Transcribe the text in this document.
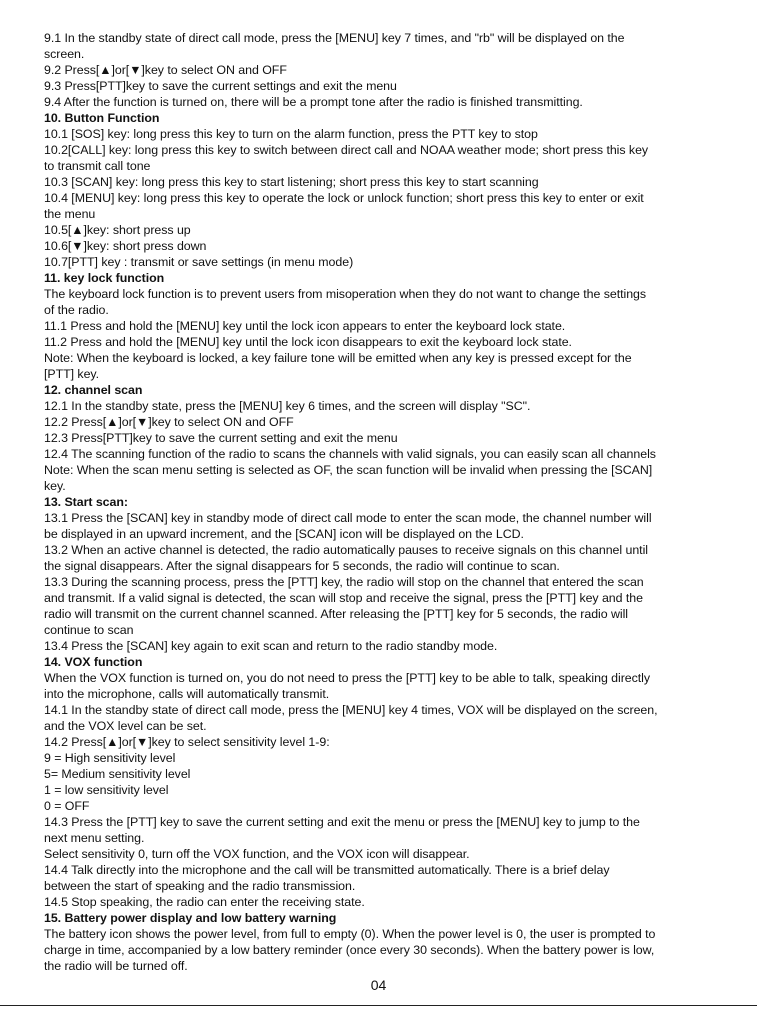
9.1 In the standby state of direct call mode, press the [MENU] key 7 times, and "rb" will be displayed on the
screen.
9.2 Press[▲]or[▼]key to select ON and OFF
9.3 Press[PTT]key to save the current settings and exit the menu
9.4 After the function is turned on, there will be a prompt tone after the radio is finished transmitting.
10. Button Function
10.1 [SOS] key: long press this key to turn on the alarm function, press the PTT key to stop
10.2[CALL] key: long press this key to switch between direct call and NOAA weather mode; short press this key
to transmit call tone
10.3 [SCAN] key: long press this key to start listening; short press this key to start scanning
10.4 [MENU] key: long press this key to operate the lock or unlock function; short press this key to enter or exit
the menu
10.5[▲]key: short press up
10.6[▼]key: short press down
10.7[PTT] key : transmit or save settings (in menu mode)
11. key lock function
The keyboard lock function is to prevent users from misoperation when they do not want to change the settings
of the radio.
11.1 Press and hold the [MENU] key until the lock icon appears to enter the keyboard lock state.
11.2 Press and hold the [MENU] key until the lock icon disappears to exit the keyboard lock state.
Note: When the keyboard is locked, a key failure tone will be emitted when any key is pressed except for the
[PTT] key.
12. channel scan
12.1 In the standby state, press the [MENU] key 6 times, and the screen will display "SC".
12.2 Press[▲]or[▼]key to select ON and OFF
12.3 Press[PTT]key to save the current setting and exit the menu
12.4 The scanning function of the radio to scans the channels with valid signals, you can easily scan all channels
Note: When the scan menu setting is selected as OF, the scan function will be invalid when pressing the [SCAN]
key.
13. Start scan:
13.1 Press the [SCAN] key in standby mode of direct call mode to enter the scan mode, the channel number will
be displayed in an upward increment, and the [SCAN] icon will be displayed on the LCD.
13.2 When an active channel is detected, the radio automatically pauses to receive signals on this channel until
the signal disappears. After the signal disappears for 5 seconds, the radio will continue to scan.
13.3 During the scanning process, press the [PTT] key, the radio will stop on the channel that entered the scan
and transmit. If a valid signal is detected, the scan will stop and receive the signal, press the [PTT] key and the
radio will transmit on the current channel scanned. After releasing the [PTT] key for 5 seconds, the radio will
continue to scan
13.4 Press the [SCAN] key again to exit scan and return to the radio standby mode.
14. VOX function
When the VOX function is turned on, you do not need to press the [PTT] key to be able to talk, speaking directly
into the microphone, calls will automatically transmit.
14.1 In the standby state of direct call mode, press the [MENU] key 4 times, VOX will be displayed on the screen,
and the VOX level can be set.
14.2 Press[▲]or[▼]key to select sensitivity level 1-9:
9 = High sensitivity level
5= Medium sensitivity level
1 = low sensitivity level
0 = OFF
14.3 Press the [PTT] key to save the current setting and exit the menu or press the [MENU] key to jump to the
next menu setting.
Select sensitivity 0, turn off the VOX function, and the VOX icon will disappear.
14.4 Talk directly into the microphone and the call will be transmitted automatically. There is a brief delay
between the start of speaking and the radio transmission.
14.5 Stop speaking, the radio can enter the receiving state.
15. Battery power display and low battery warning
The battery icon shows the power level, from full to empty (0). When the power level is 0, the user is prompted to
charge in time, accompanied by a low battery reminder (once every 30 seconds). When the battery power is low,
the radio will be turned off.
04
